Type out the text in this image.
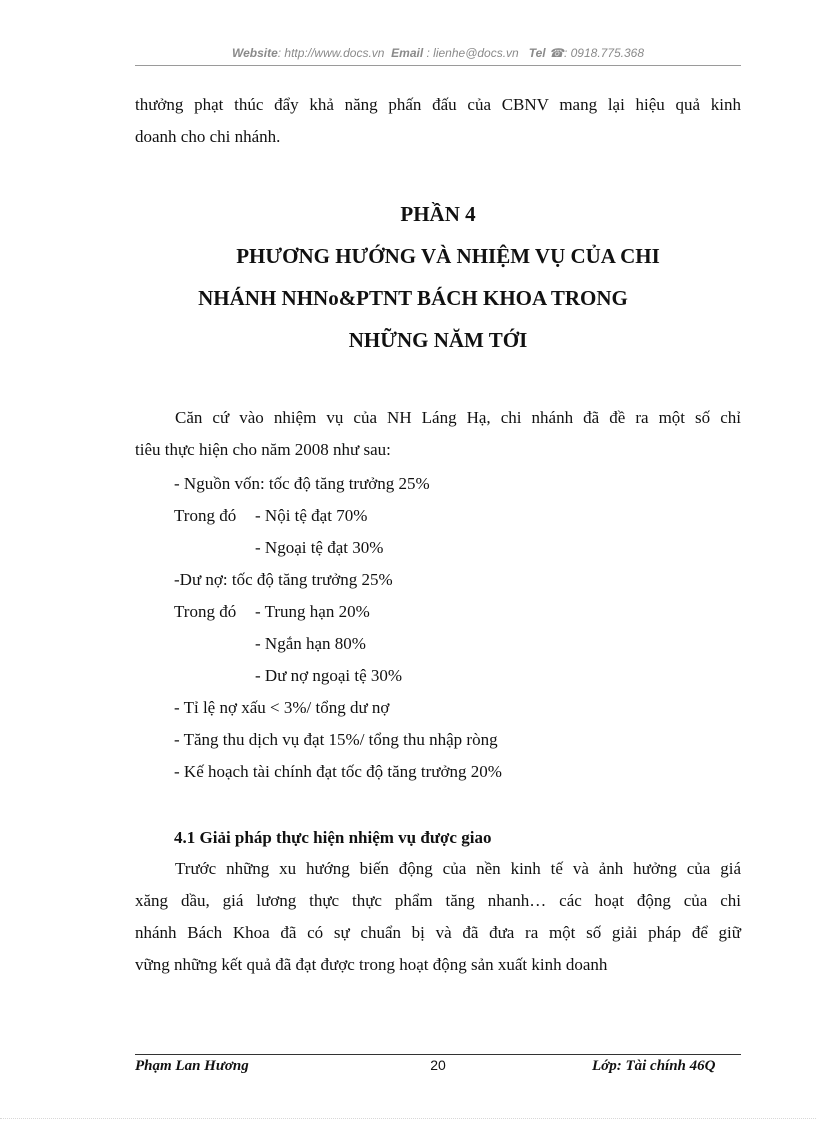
Website: http://www.docs.vn Email : lienhe@docs.vn Tel ☎: 0918.775.368
thưởng phạt thúc đẩy khả năng phấn đấu của CBNV mang lại hiệu quả kinh
doanh cho chi nhánh.
PHẦN 4
PHƯƠNG HƯỚNG VÀ NHIỆM VỤ CỦA CHI
NHÁNH NHNo&PTNT BÁCH KHOA TRONG
NHỮNG NĂM TỚI
Căn cứ vào nhiệm vụ của NH Láng Hạ, chi nhánh đã đề ra một số chỉ
tiêu thực hiện cho năm 2008 như sau:
- Nguồn vốn: tốc độ tăng trưởng 25%
Trong đó - Nội tệ đạt 70%
- Ngoại tệ đạt 30%
-Dư nợ: tốc độ tăng trưởng 25%
Trong đó - Trung hạn 20%
- Ngắn hạn 80%
- Dư nợ ngoại tệ 30%
- Tỉ lệ nợ xấu < 3%/ tổng dư nợ
- Tăng thu dịch vụ đạt 15%/ tổng thu nhập ròng
- Kế hoạch tài chính đạt tốc độ tăng trưởng 20%
4.1 Giải pháp thực hiện nhiệm vụ được giao
Trước những xu hướng biến động của nền kinh tế và ảnh hưởng của giá
xăng dầu, giá lương thực thực phẩm tăng nhanh… các hoạt động của chi
nhánh Bách Khoa đã có sự chuẩn bị và đã đưa ra một số giải pháp để giữ
vững những kết quả đã đạt được trong hoạt động sản xuất kinh doanh
Phạm Lan Hương	20	Lớp: Tài chính 46Q
